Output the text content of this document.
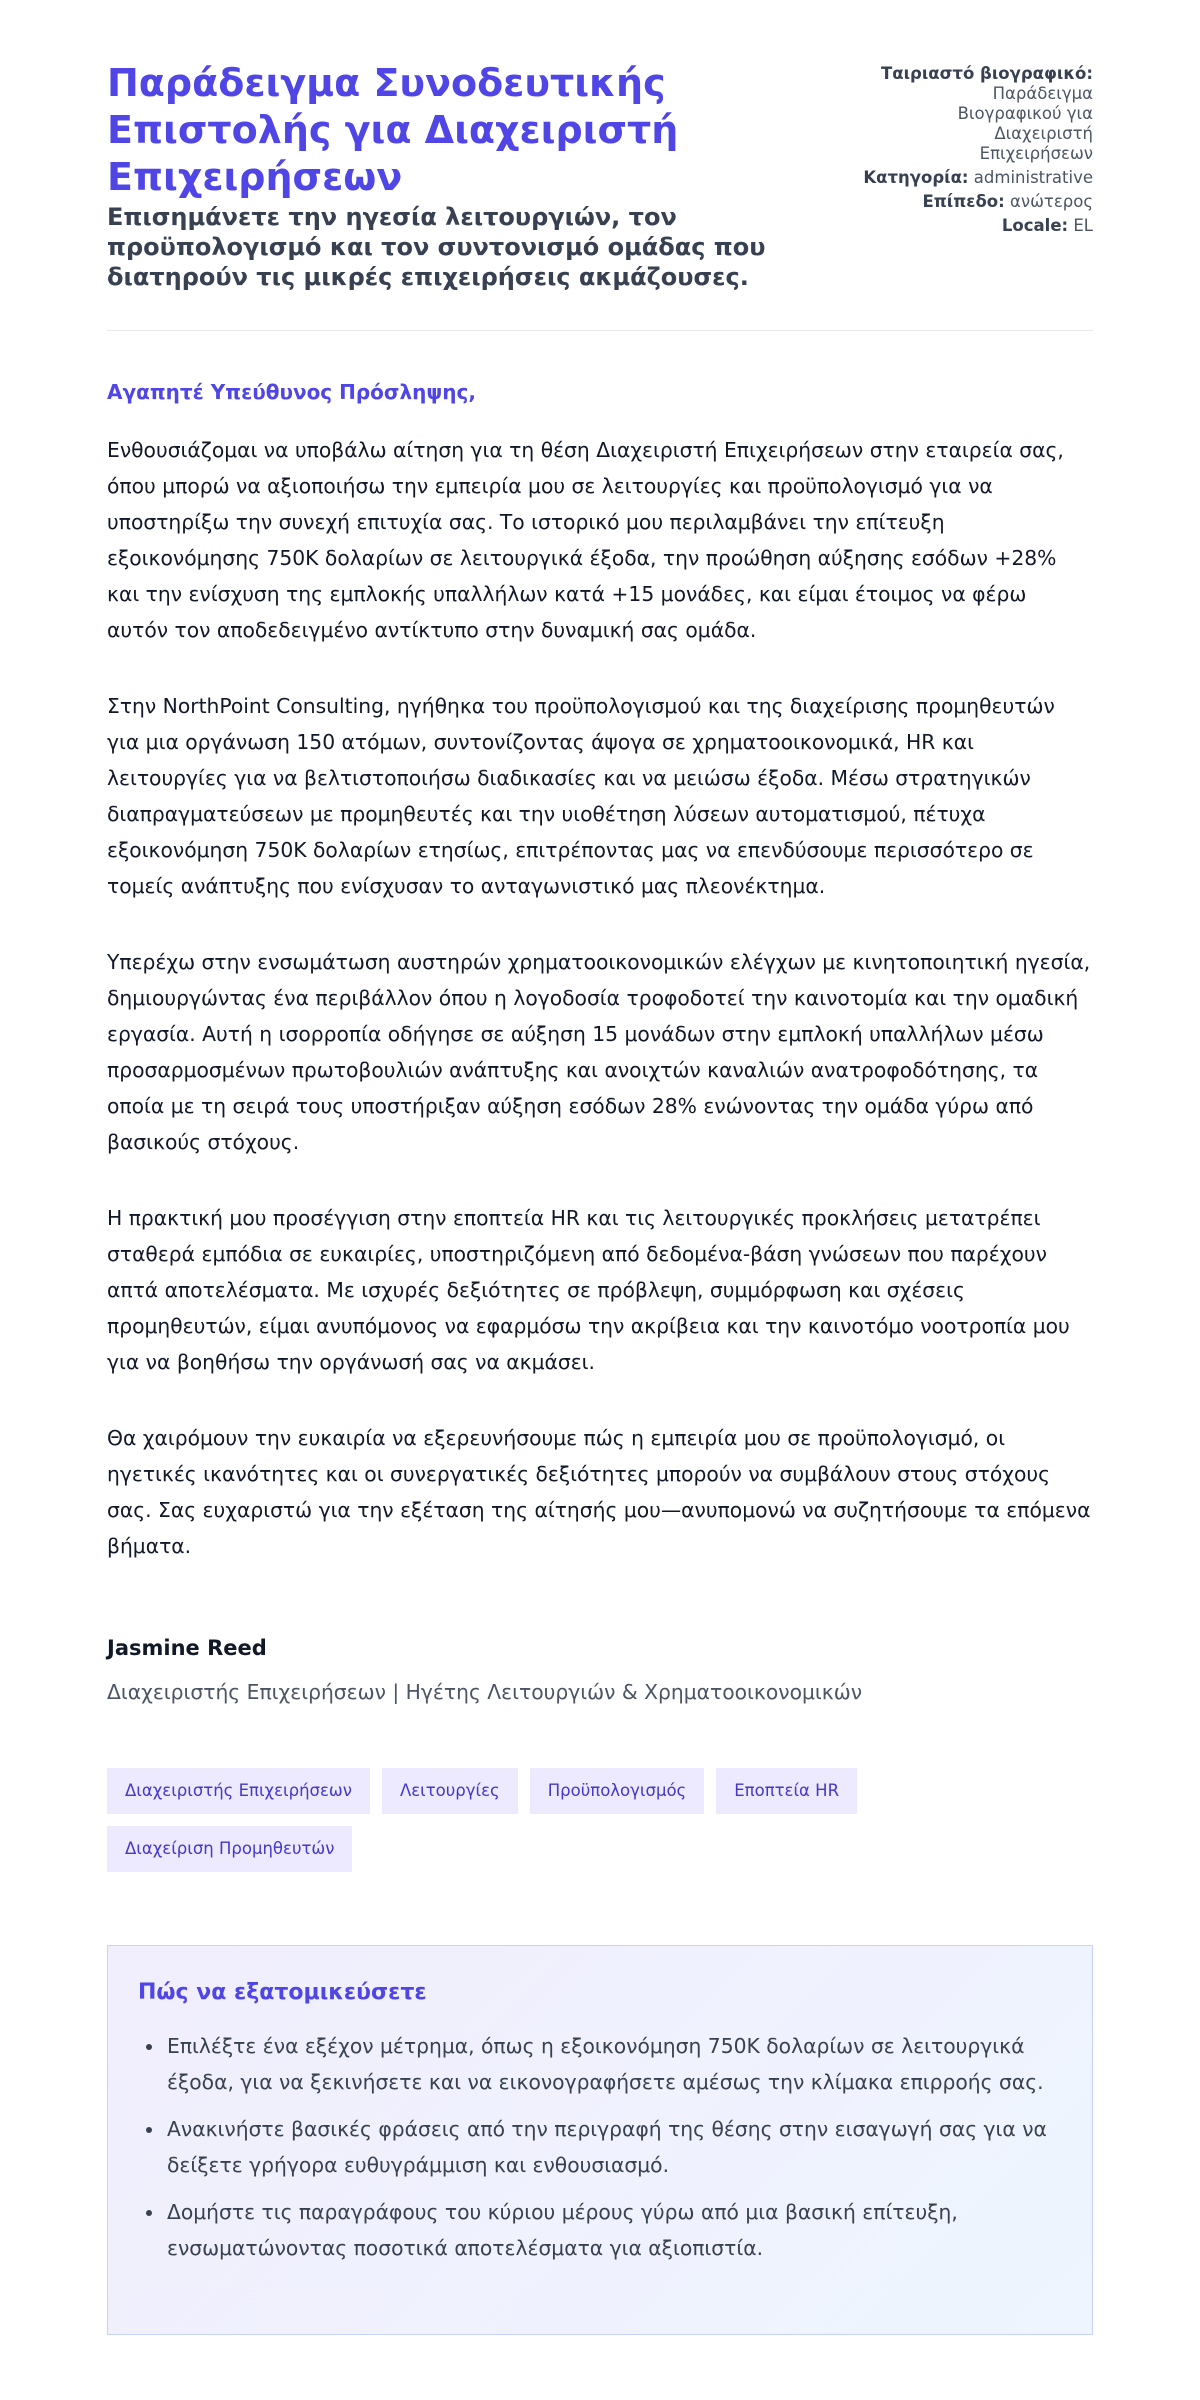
Παράδειγμα Συνοδευτικής Επιστολής για Διαχειριστή Επιχειρήσεων
Επισημάνετε την ηγεσία λειτουργιών, τον προϋπολογισμό και τον συντονισμό ομάδας που διατηρούν τις μικρές επιχειρήσεις ακμάζουσες.
Ταιριαστό βιογραφικό:
Παράδειγμα Βιογραφικού για Διαχειριστή Επιχειρήσεων
Κατηγορία: administrative
Επίπεδο: ανώτερος
Locale: EL

Αγαπητέ Υπεύθυνος Πρόσληψης,

Ενθουσιάζομαι να υποβάλω αίτηση για τη θέση Διαχειριστή Επιχειρήσεων στην εταιρεία σας, όπου μπορώ να αξιοποιήσω την εμπειρία μου σε λειτουργίες και προϋπολογισμό για να υποστηρίξω την συνεχή επιτυχία σας. Το ιστορικό μου περιλαμβάνει την επίτευξη εξοικονόμησης 750K δολαρίων σε λειτουργικά έξοδα, την προώθηση αύξησης εσόδων +28% και την ενίσχυση της εμπλοκής υπαλλήλων κατά +15 μονάδες, και είμαι έτοιμος να φέρω αυτόν τον αποδεδειγμένο αντίκτυπο στην δυναμική σας ομάδα.

Στην NorthPoint Consulting, ηγήθηκα του προϋπολογισμού και της διαχείρισης προμηθευτών για μια οργάνωση 150 ατόμων, συντονίζοντας άψογα σε χρηματοοικονομικά, HR και λειτουργίες για να βελτιστοποιήσω διαδικασίες και να μειώσω έξοδα. Μέσω στρατηγικών διαπραγματεύσεων με προμηθευτές και την υιοθέτηση λύσεων αυτοματισμού, πέτυχα εξοικονόμηση 750K δολαρίων ετησίως, επιτρέποντας μας να επενδύσουμε περισσότερο σε τομείς ανάπτυξης που ενίσχυσαν το ανταγωνιστικό μας πλεονέκτημα.

Υπερέχω στην ενσωμάτωση αυστηρών χρηματοοικονομικών ελέγχων με κινητοποιητική ηγεσία, δημιουργώντας ένα περιβάλλον όπου η λογοδοσία τροφοδοτεί την καινοτομία και την ομαδική εργασία. Αυτή η ισορροπία οδήγησε σε αύξηση 15 μονάδων στην εμπλοκή υπαλλήλων μέσω προσαρμοσμένων πρωτοβουλιών ανάπτυξης και ανοιχτών καναλιών ανατροφοδότησης, τα οποία με τη σειρά τους υποστήριξαν αύξηση εσόδων 28% ενώνοντας την ομάδα γύρω από βασικούς στόχους.

Η πρακτική μου προσέγγιση στην εποπτεία HR και τις λειτουργικές προκλήσεις μετατρέπει σταθερά εμπόδια σε ευκαιρίες, υποστηριζόμενη από δεδομένα-βάση γνώσεων που παρέχουν απτά αποτελέσματα. Με ισχυρές δεξιότητες σε πρόβλεψη, συμμόρφωση και σχέσεις προμηθευτών, είμαι ανυπόμονος να εφαρμόσω την ακρίβεια και την καινοτόμο νοοτροπία μου για να βοηθήσω την οργάνωσή σας να ακμάσει.

Θα χαιρόμουν την ευκαιρία να εξερευνήσουμε πώς η εμπειρία μου σε προϋπολογισμό, οι ηγετικές ικανότητες και οι συνεργατικές δεξιότητες μπορούν να συμβάλουν στους στόχους σας. Σας ευχαριστώ για την εξέταση της αίτησής μου—ανυπομονώ να συζητήσουμε τα επόμενα βήματα.

Jasmine Reed

Διαχειριστής Επιχειρήσεων | Ηγέτης Λειτουργιών & Χρηματοοικονομικών

Διαχειριστής Επιχειρήσεων	Λειτουργίες	Προϋπολογισμός	Εποπτεία HR
Διαχείριση Προμηθευτών
Πώς να εξατομικεύσετε
• Επιλέξτε ένα εξέχον μέτρημα, όπως η εξοικονόμηση 750K δολαρίων σε λειτουργικά έξοδα, για να ξεκινήσετε και να εικονογραφήσετε αμέσως την κλίμακα επιρροής σας.
• Ανακινήστε βασικές φράσεις από την περιγραφή της θέσης στην εισαγωγή σας για να δείξετε γρήγορα ευθυγράμμιση και ενθουσιασμό.
• Δομήστε τις παραγράφους του κύριου μέρους γύρω από μια βασική επίτευξη, ενσωματώνοντας ποσοτικά αποτελέσματα για αξιοπιστία.
